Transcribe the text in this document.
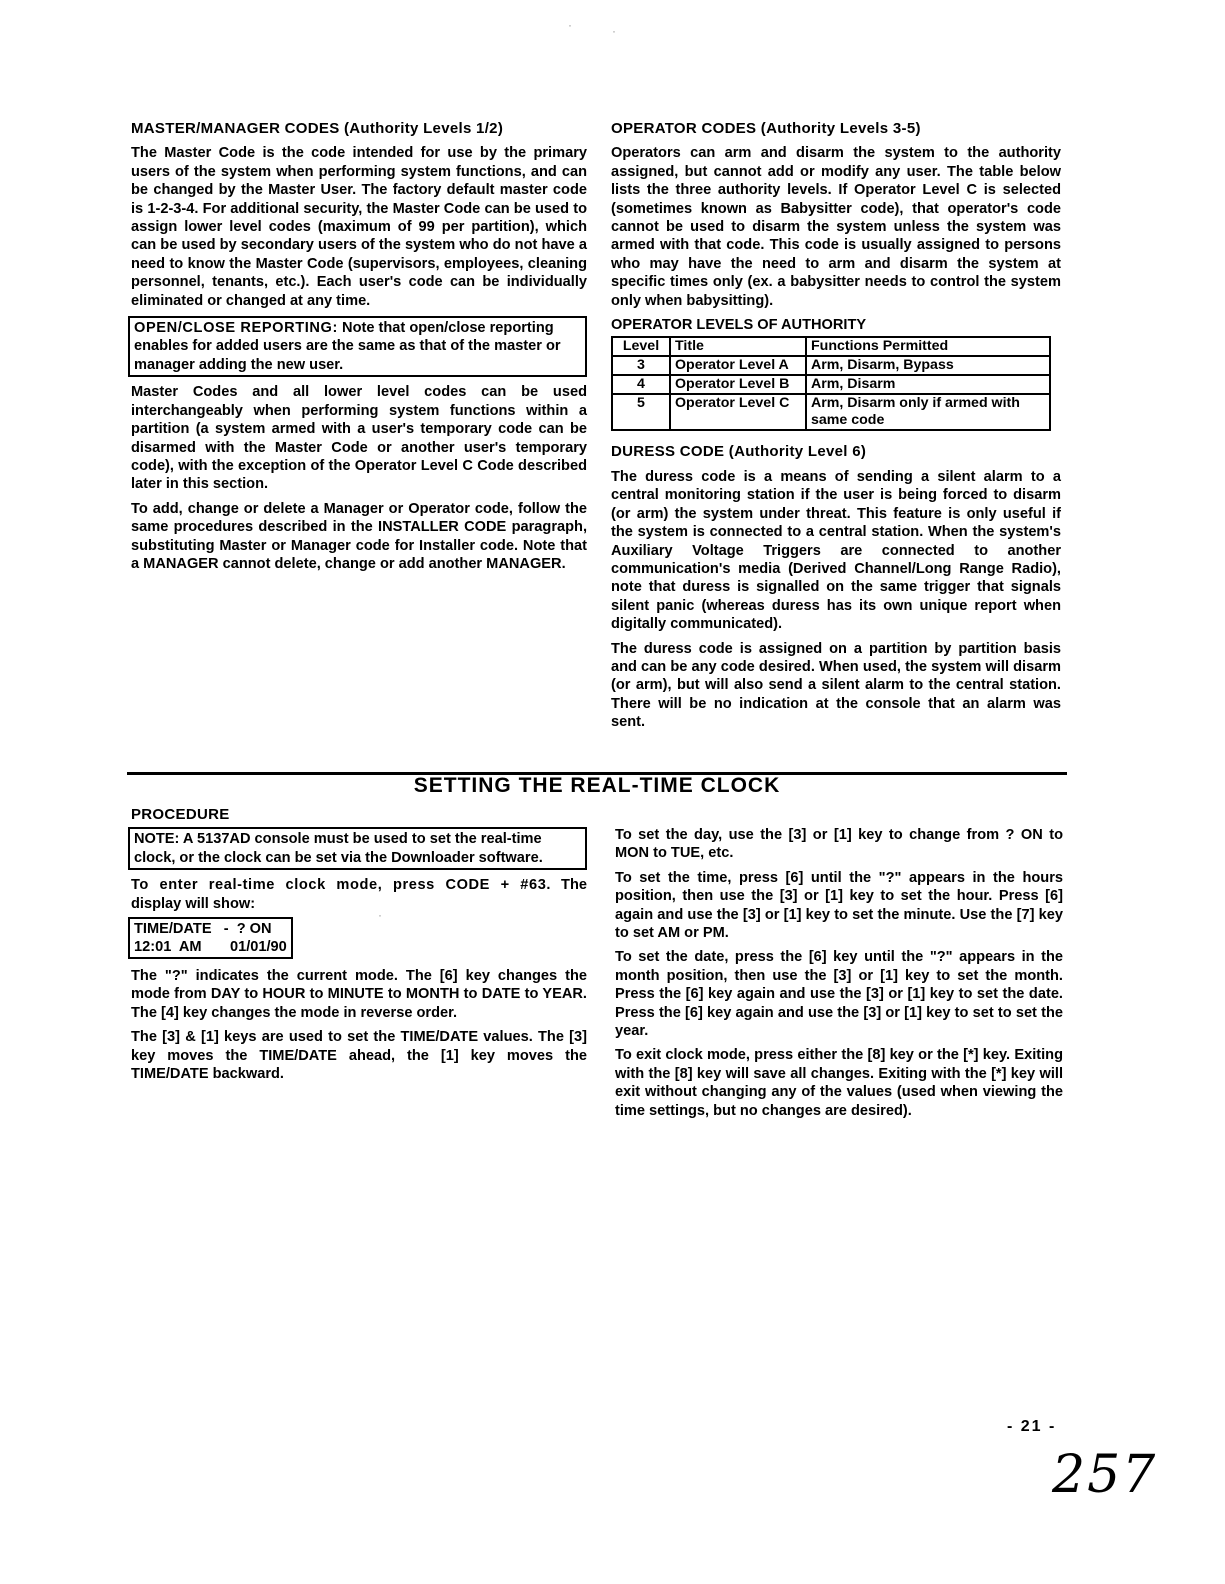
·	·
·

MASTER/MANAGER CODES (Authority Levels 1/2)

The Master Code is the code intended for use by the primary users of the system when performing system functions, and can be changed by the Master User. The factory default master code is 1-2-3-4. For additional security, the Master Code can be used to assign lower level codes (maximum of 99 per partition), which can be used by secondary users of the system who do not have a need to know the Master Code (supervisors, employees, cleaning personnel, tenants, etc.). Each user's code can be individually eliminated or changed at any time.

OPEN/CLOSE REPORTING: Note that open/close reporting enables for added users are the same as that of the master or manager adding the new user.

Master Codes and all lower level codes can be used interchangeably when performing system functions within a partition (a system armed with a user's temporary code can be disarmed with the Master Code or another user's temporary code), with the exception of the Operator Level C Code described later in this section.

To add, change or delete a Manager or Operator code, follow the same procedures described in the INSTALLER CODE paragraph, substituting Master or Manager code for Installer code. Note that a MANAGER cannot delete, change or add another MANAGER.

OPERATOR CODES (Authority Levels 3-5)

Operators can arm and disarm the system to the authority assigned, but cannot add or modify any user. The table below lists the three authority levels. If Operator Level C is selected (sometimes known as Babysitter code), that operator's code cannot be used to disarm the system unless the system was armed with that code. This code is usually assigned to persons who may have the need to arm and disarm the system at specific times only (ex. a babysitter needs to control the system only when babysitting).

OPERATOR LEVELS OF AUTHORITY
Level	Title	Functions Permitted
3	Operator Level A	Arm, Disarm, Bypass
4	Operator Level B	Arm, Disarm
5	Operator Level C	Arm, Disarm only if armed with same code

DURESS CODE (Authority Level 6)

The duress code is a means of sending a silent alarm to a central monitoring station if the user is being forced to disarm (or arm) the system under threat. This feature is only useful if the system is connected to a central station. When the system's Auxiliary Voltage Triggers are connected to another communication's media (Derived Channel/Long Range Radio), note that duress is signalled on the same trigger that signals silent panic (whereas duress has its own unique report when digitally communicated).

The duress code is assigned on a partition by partition basis and can be any code desired. When used, the system will disarm (or arm), but will also send a silent alarm to the central station. There will be no indication at the console that an alarm was sent.

SETTING THE REAL-TIME CLOCK

PROCEDURE

NOTE: A 5137AD console must be used to set the real-time clock, or the clock can be set via the Downloader software.

To enter real-time clock mode, press CODE + #63. The display will show:

TIME/DATE   -  ? ON
12:01  AM       01/01/90

The "?" indicates the current mode. The [6] key changes the mode from DAY to HOUR to MINUTE to MONTH to DATE to YEAR. The [4] key changes the mode in reverse order.

The [3] & [1] keys are used to set the TIME/DATE values. The [3] key moves the TIME/DATE ahead, the [1] key moves the TIME/DATE backward.

To set the day, use the [3] or [1] key to change from ? ON to MON to TUE, etc.

To set the time, press [6] until the "?" appears in the hours position, then use the [3] or [1] key to set the hour. Press [6] again and use the [3] or [1] key to set the minute. Use the [7] key to set AM or PM.

To set the date, press the [6] key until the "?" appears in the month position, then use the [3] or [1] key to set the month. Press the [6] key again and use the [3] or [1] key to set the date. Press the [6] key again and use the [3] or [1] key to set to set the year.

To exit clock mode, press either the [8] key or the [*] key. Exiting with the [8] key will save all changes. Exiting with the [*] key will exit without changing any of the values (used when viewing the time settings, but no changes are desired).

- 21 -
257
